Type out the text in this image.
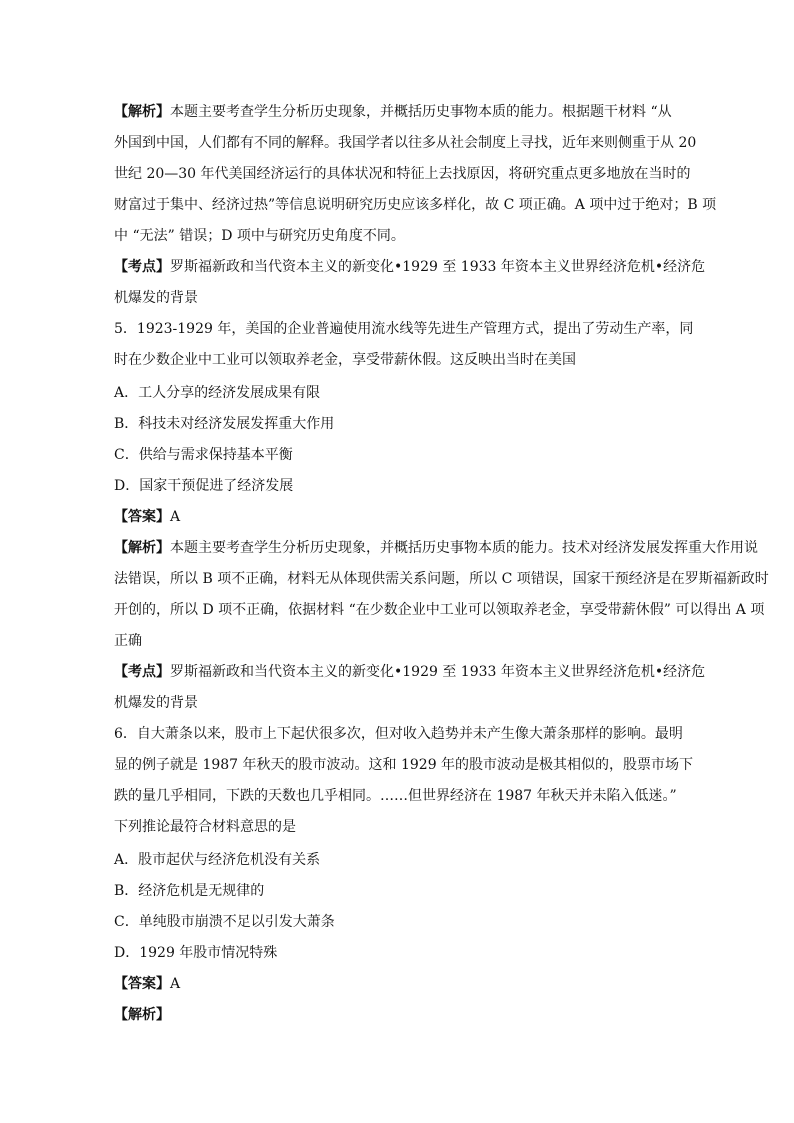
【解析】本题主要考查学生分析历史现象，并概括历史事物本质的能力。根据题干材料 “从
外国到中国，人们都有不同的解释。我国学者以往多从社会制度上寻找，近年来则侧重于从 20
世纪 20—30 年代美国经济运行的具体状况和特征上去找原因，将研究重点更多地放在当时的
财富过于集中、经济过热”等信息说明研究历史应该多样化，故 C 项正确。A 项中过于绝对；B 项
中 “无法” 错误；D 项中与研究历史角度不同。
【考点】罗斯福新政和当代资本主义的新变化•1929 至 1933 年资本主义世界经济危机•经济危
机爆发的背景
5．1923-1929 年，美国的企业普遍使用流水线等先进生产管理方式，提出了劳动生产率，同
时在少数企业中工业可以领取养老金，享受带薪休假。这反映出当时在美国
A．工人分享的经济发展成果有限
B．科技未对经济发展发挥重大作用
C．供给与需求保持基本平衡
D．国家干预促进了经济发展
【答案】A
【解析】本题主要考查学生分析历史现象，并概括历史事物本质的能力。技术对经济发展发挥重大作用说
法错误，所以 B 项不正确，材料无从体现供需关系问题，所以 C 项错误，国家干预经济是在罗斯福新政时
开创的，所以 D 项不正确，依据材料 “在少数企业中工业可以领取养老金，享受带薪休假” 可以得出 A 项
正确
【考点】罗斯福新政和当代资本主义的新变化•1929 至 1933 年资本主义世界经济危机•经济危
机爆发的背景
6．自大萧条以来，股市上下起伏很多次，但对收入趋势并未产生像大萧条那样的影响。最明
显的例子就是 1987 年秋天的股市波动。这和 1929 年的股市波动是极其相似的，股票市场下
跌的量几乎相同，下跌的天数也几乎相同。……但世界经济在 1987 年秋天并未陷入低迷。”
下列推论最符合材料意思的是
A．股市起伏与经济危机没有关系
B．经济危机是无规律的
C．单纯股市崩溃不足以引发大萧条
D．1929 年股市情况特殊
【答案】A
【解析】
